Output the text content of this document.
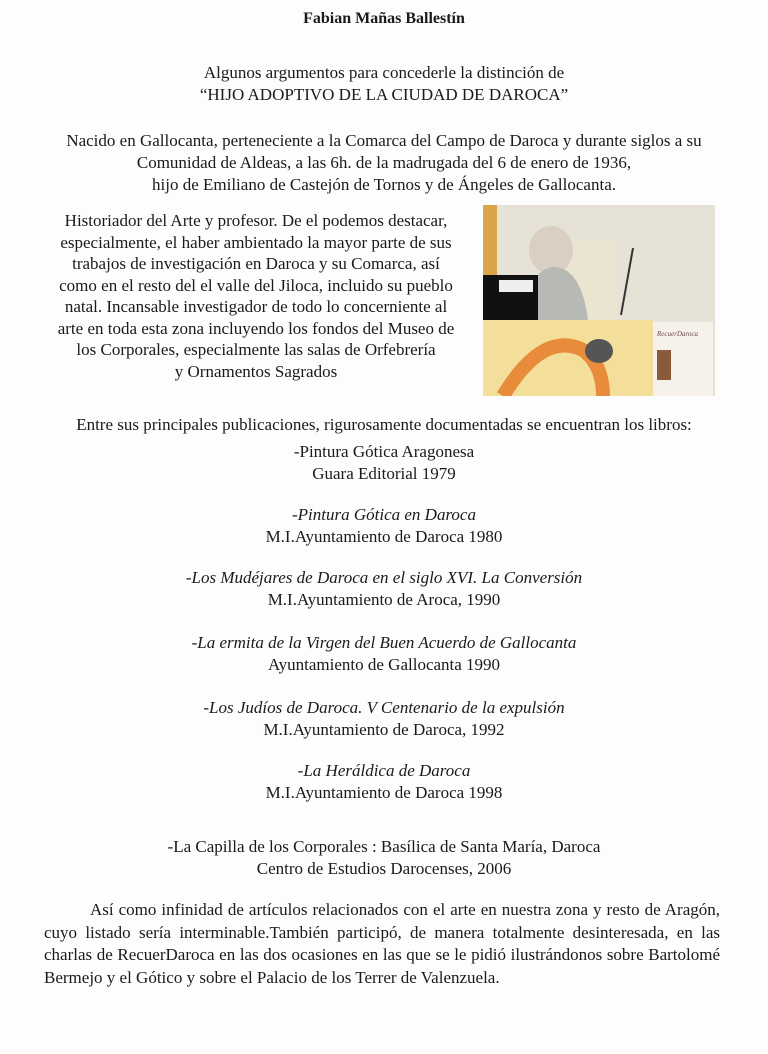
Fabian Mañas Ballestín
Algunos argumentos para concederle la distinción de
“HIJO ADOPTIVO DE LA CIUDAD DE DAROCA”
Nacido en Gallocanta, perteneciente a la Comarca del Campo de Daroca y durante siglos a su
Comunidad de Aldeas, a las 6h. de la madrugada del 6 de enero de 1936,
hijo de Emiliano de Castejón de Tornos y de Ángeles de Gallocanta.
Historiador del Arte y profesor. De el podemos destacar,
especialmente, el haber ambientado la mayor parte de sus
trabajos de investigación en Daroca y su Comarca, así
como en el resto del el valle del Jiloca, incluido su pueblo
natal. Incansable investigador de todo lo concerniente al
arte en toda esta zona incluyendo los fondos del Museo de
los Corporales, especialmente las salas de Orfebrería
y Ornamentos Sagrados
RecuerDaroca
Entre sus principales publicaciones, rigurosamente documentadas se encuentran los libros:
-Pintura Gótica Aragonesa
Guara Editorial 1979
-Pintura Gótica en Daroca
M.I.Ayuntamiento de Daroca 1980
-Los Mudéjares de Daroca en el siglo XVI. La Conversión
M.I.Ayuntamiento de Aroca, 1990
-La ermita de la Virgen del Buen Acuerdo de Gallocanta
Ayuntamiento de Gallocanta 1990
-Los Judíos de Daroca. V Centenario de la expulsión
M.I.Ayuntamiento de Daroca, 1992
-La Heráldica de Daroca
M.I.Ayuntamiento de Daroca 1998
-La Capilla de los Corporales : Basílica de Santa María, Daroca
Centro de Estudios Darocenses, 2006
Así como infinidad de artículos relacionados con el arte en nuestra zona y resto de Aragón, cuyo listado sería interminable.También participó, de manera totalmente desinteresada, en las charlas de RecuerDaroca en las dos ocasiones en las que se le pidió ilustrándonos sobre Bartolomé Bermejo y el Gótico y sobre el Palacio de los Terrer de Valenzuela.
